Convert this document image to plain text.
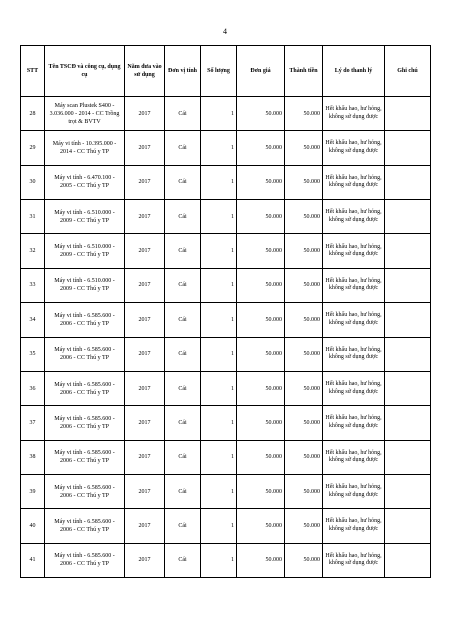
4
STT	Tên TSCĐ và công cụ, dụng cụ	Năm đưa vào sử dụng	Đơn vị tính	Số lượng	Đơn giá	Thành tiền	Lý do thanh lý	Ghi chú
28	Máy scan Plustek S400 - 3.036.000 - 2014 - CC Trồng trọt & BVTV	2017	Cái	1	50.000	50.000	Hết khấu hao, hư hỏng, không sử dụng được	
29	Máy vi tính - 10.395.000 - 2014 - CC Thú y TP	2017	Cái	1	50.000	50.000	Hết khấu hao, hư hỏng, không sử dụng được	
30	Máy vi tính - 6.470.100 - 2005 - CC Thú y TP	2017	Cái	1	50.000	50.000	Hết khấu hao, hư hỏng, không sử dụng được	
31	Máy vi tính - 6.510.000 - 2009 - CC Thú y TP	2017	Cái	1	50.000	50.000	Hết khấu hao, hư hỏng, không sử dụng được	
32	Máy vi tính - 6.510.000 - 2009 - CC Thú y TP	2017	Cái	1	50.000	50.000	Hết khấu hao, hư hỏng, không sử dụng được	
33	Máy vi tính - 6.510.000 - 2009 - CC Thú y TP	2017	Cái	1	50.000	50.000	Hết khấu hao, hư hỏng, không sử dụng được	
34	Máy vi tính - 6.585.600 - 2006 - CC Thú y TP	2017	Cái	1	50.000	50.000	Hết khấu hao, hư hỏng, không sử dụng được	
35	Máy vi tính - 6.585.600 - 2006 - CC Thú y TP	2017	Cái	1	50.000	50.000	Hết khấu hao, hư hỏng, không sử dụng được	
36	Máy vi tính - 6.585.600 - 2006 - CC Thú y TP	2017	Cái	1	50.000	50.000	Hết khấu hao, hư hỏng, không sử dụng được	
37	Máy vi tính - 6.585.600 - 2006 - CC Thú y TP	2017	Cái	1	50.000	50.000	Hết khấu hao, hư hỏng, không sử dụng được	
38	Máy vi tính - 6.585.600 - 2006 - CC Thú y TP	2017	Cái	1	50.000	50.000	Hết khấu hao, hư hỏng, không sử dụng được	
39	Máy vi tính - 6.585.600 - 2006 - CC Thú y TP	2017	Cái	1	50.000	50.000	Hết khấu hao, hư hỏng, không sử dụng được	
40	Máy vi tính - 6.585.600 - 2006 - CC Thú y TP	2017	Cái	1	50.000	50.000	Hết khấu hao, hư hỏng, không sử dụng được	
41	Máy vi tính - 6.585.600 - 2006 - CC Thú y TP	2017	Cái	1	50.000	50.000	Hết khấu hao, hư hỏng, không sử dụng được	
